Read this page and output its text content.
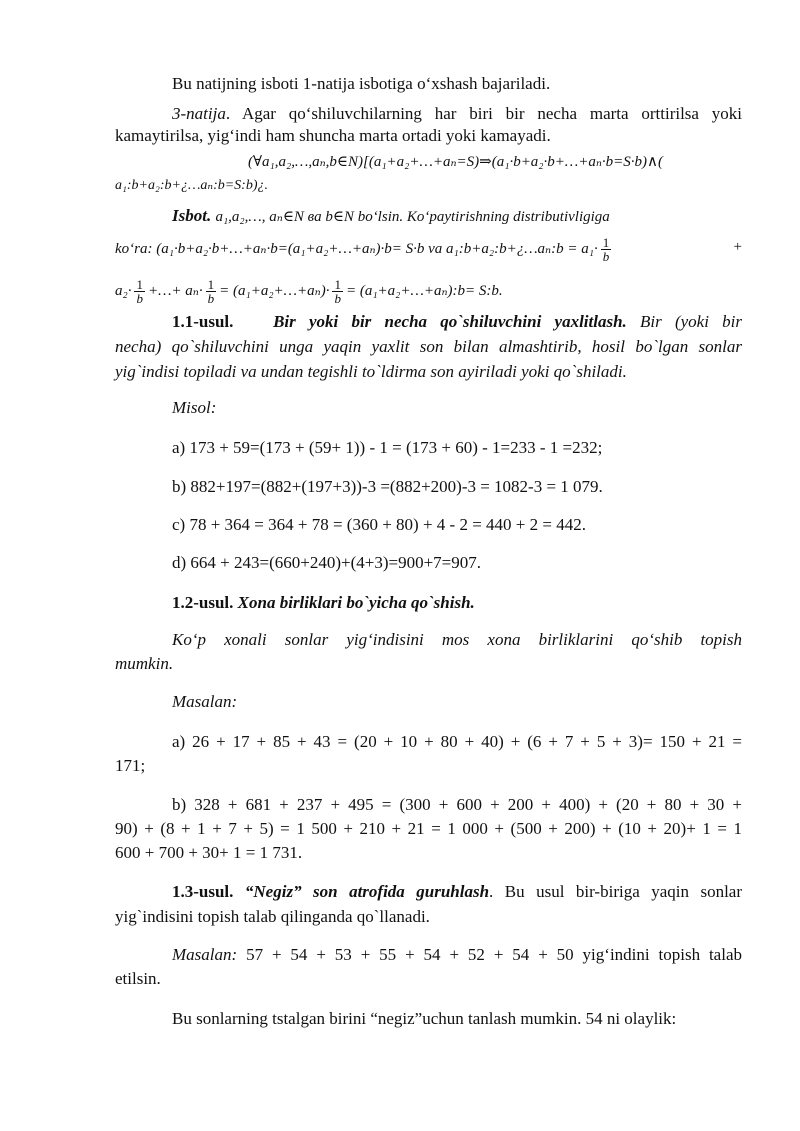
Bu natijning isboti 1-natija isbotiga o‘xshash bajariladi.
3-natija. Agar qo‘shiluvchilarning har biri bir necha marta orttirilsa yoki
kamaytirilsa, yig‘indi ham shuncha marta ortadi yoki kamayadi.
(∀a₁,a₂,…,aₙ,b∈N)[(a₁+a₂+…+aₙ=S)⇒(a₁·b+a₂·b+…+aₙ·b=S·b)∧(
a₁:b+a₂:b+¿…aₙ:b=S:b)¿.
Isbot. a₁,a₂,…, aₙ∈N ва b∈N bo‘lsin. Ko‘paytirishning distributivligiga
ko‘ra: (a₁·b+a₂·b+…+aₙ·b=(a₁+a₂+…+aₙ)·b= S·b va a₁:b+a₂:b+¿…aₙ:b = $a_1\cdot \frac{1}{b}$	+
$a_2\cdot \frac{1}{b}$ +…+ $a_n\cdot \frac{1}{b}$ = (a₁+a₂+…+aₙ)· $\frac{1}{b}$ = (a₁+a₂+…+aₙ):b= S:b.
1.1-usul. Bir yoki bir necha qo`shiluvchini yaxlitlash. Bir (yoki bir
necha) qo`shiluvchini unga yaqin yaxlit son bilan almashtirib, hosil bo`lgan sonlar
yig`indisi topiladi va undan tegishli to`ldirma son ayiriladi yoki qo`shiladi.
Misol:
a) 173 + 59=(173 + (59+ 1)) - 1 = (173 + 60) - 1=233 - 1 =232;
b) 882+197=(882+(197+3))-3 =(882+200)-3 = 1082-3 = 1 079.
c) 78 + 364 = 364 + 78 = (360 + 80) + 4 - 2 = 440 + 2 = 442.
d) 664 + 243=(660+240)+(4+3)=900+7=907.
1.2-usul. Xona birliklari bo`yicha qo`shish.
Ko‘p xonali sonlar yig‘indisini mos xona birliklarini qo‘shib topish
mumkin.
Masalan:
a) 26 + 17 + 85 + 43 = (20 + 10 + 80 + 40) + (6 + 7 + 5 + 3)= 150 + 21 =
171;
b) 328 + 681 + 237 + 495 = (300 + 600 + 200 + 400) + (20 + 80 + 30 +
90) + (8 + 1 + 7 + 5) = 1 500 + 210 + 21 = 1 000 + (500 + 200) + (10 + 20)+ 1 = 1
600 + 700 + 30+ 1 = 1 731.
1.3-usul. “Negiz” son atrofida guruhlash. Bu usul bir-biriga yaqin sonlar
yig`indisini topish talab qilinganda qo`llanadi.
Masalan: 57 + 54 + 53 + 55 + 54 + 52 + 54 + 50 yig‘indini topish talab
etilsin.
Bu sonlarning tstalgan birini “negiz”uchun tanlash mumkin. 54 ni olaylik:
